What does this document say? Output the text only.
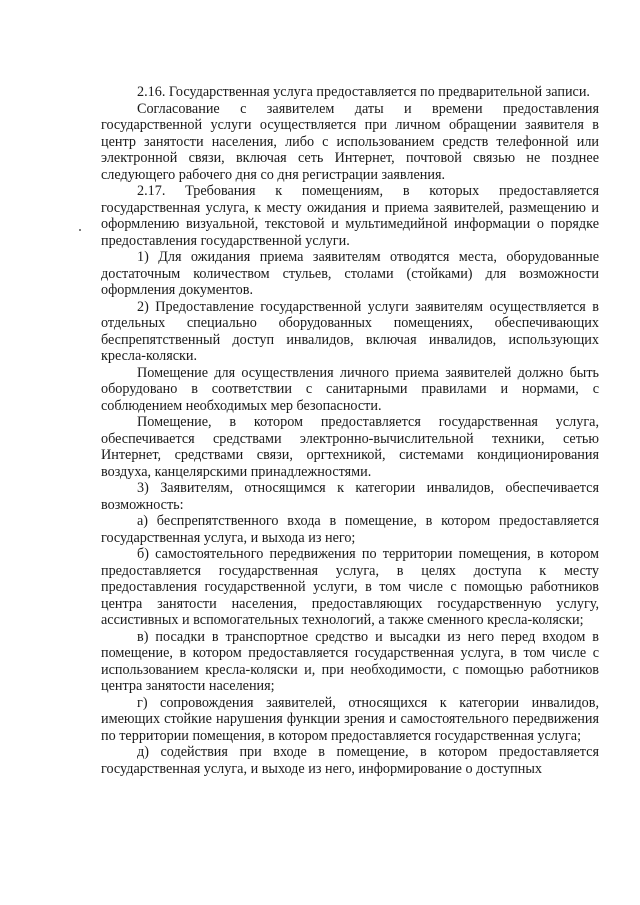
2.16. Государственная услуга предоставляется по предварительной записи.

Согласование с заявителем даты и времени предоставления государственной услуги осуществляется при личном обращении заявителя в центр занятости населения, либо с использованием средств телефонной или электронной связи, включая сеть Интернет, почтовой связью не позднее следующего рабочего дня со дня регистрации заявления.

2.17. Требования к помещениям, в которых предоставляется государственная услуга, к месту ожидания и приема заявителей, размещению и оформлению визуальной, текстовой и мультимедийной информации о порядке предоставления государственной услуги.

1) Для ожидания приема заявителям отводятся места, оборудованные достаточным количеством стульев, столами (стойками) для возможности оформления документов.

2) Предоставление государственной услуги заявителям осуществляется в отдельных специально оборудованных помещениях, обеспечивающих беспрепятственный доступ инвалидов, включая инвалидов, использующих кресла-коляски.

Помещение для осуществления личного приема заявителей должно быть оборудовано в соответствии с санитарными правилами и нормами, с соблюдением необходимых мер безопасности.

Помещение, в котором предоставляется государственная услуга, обеспечивается средствами электронно-вычислительной техники, сетью Интернет, средствами связи, оргтехникой, системами кондиционирования воздуха, канцелярскими принадлежностями.

3) Заявителям, относящимся к категории инвалидов, обеспечивается возможность:

а) беспрепятственного входа в помещение, в котором предоставляется государственная услуга, и выхода из него;

б) самостоятельного передвижения по территории помещения, в котором предоставляется государственная услуга, в целях доступа к месту предоставления государственной услуги, в том числе с помощью работников центра занятости населения, предоставляющих государственную услугу, ассистивных и вспомогательных технологий, а также сменного кресла-коляски;

в) посадки в транспортное средство и высадки из него перед входом в помещение, в котором предоставляется государственная услуга, в том числе с использованием кресла-коляски и, при необходимости, с помощью работников центра занятости населения;

г) сопровождения заявителей, относящихся к категории инвалидов, имеющих стойкие нарушения функции зрения и самостоятельного передвижения по территории помещения, в котором предоставляется государственная услуга;

д) содействия при входе в помещение, в котором предоставляется государственная услуга, и выходе из него, информирование о доступных
